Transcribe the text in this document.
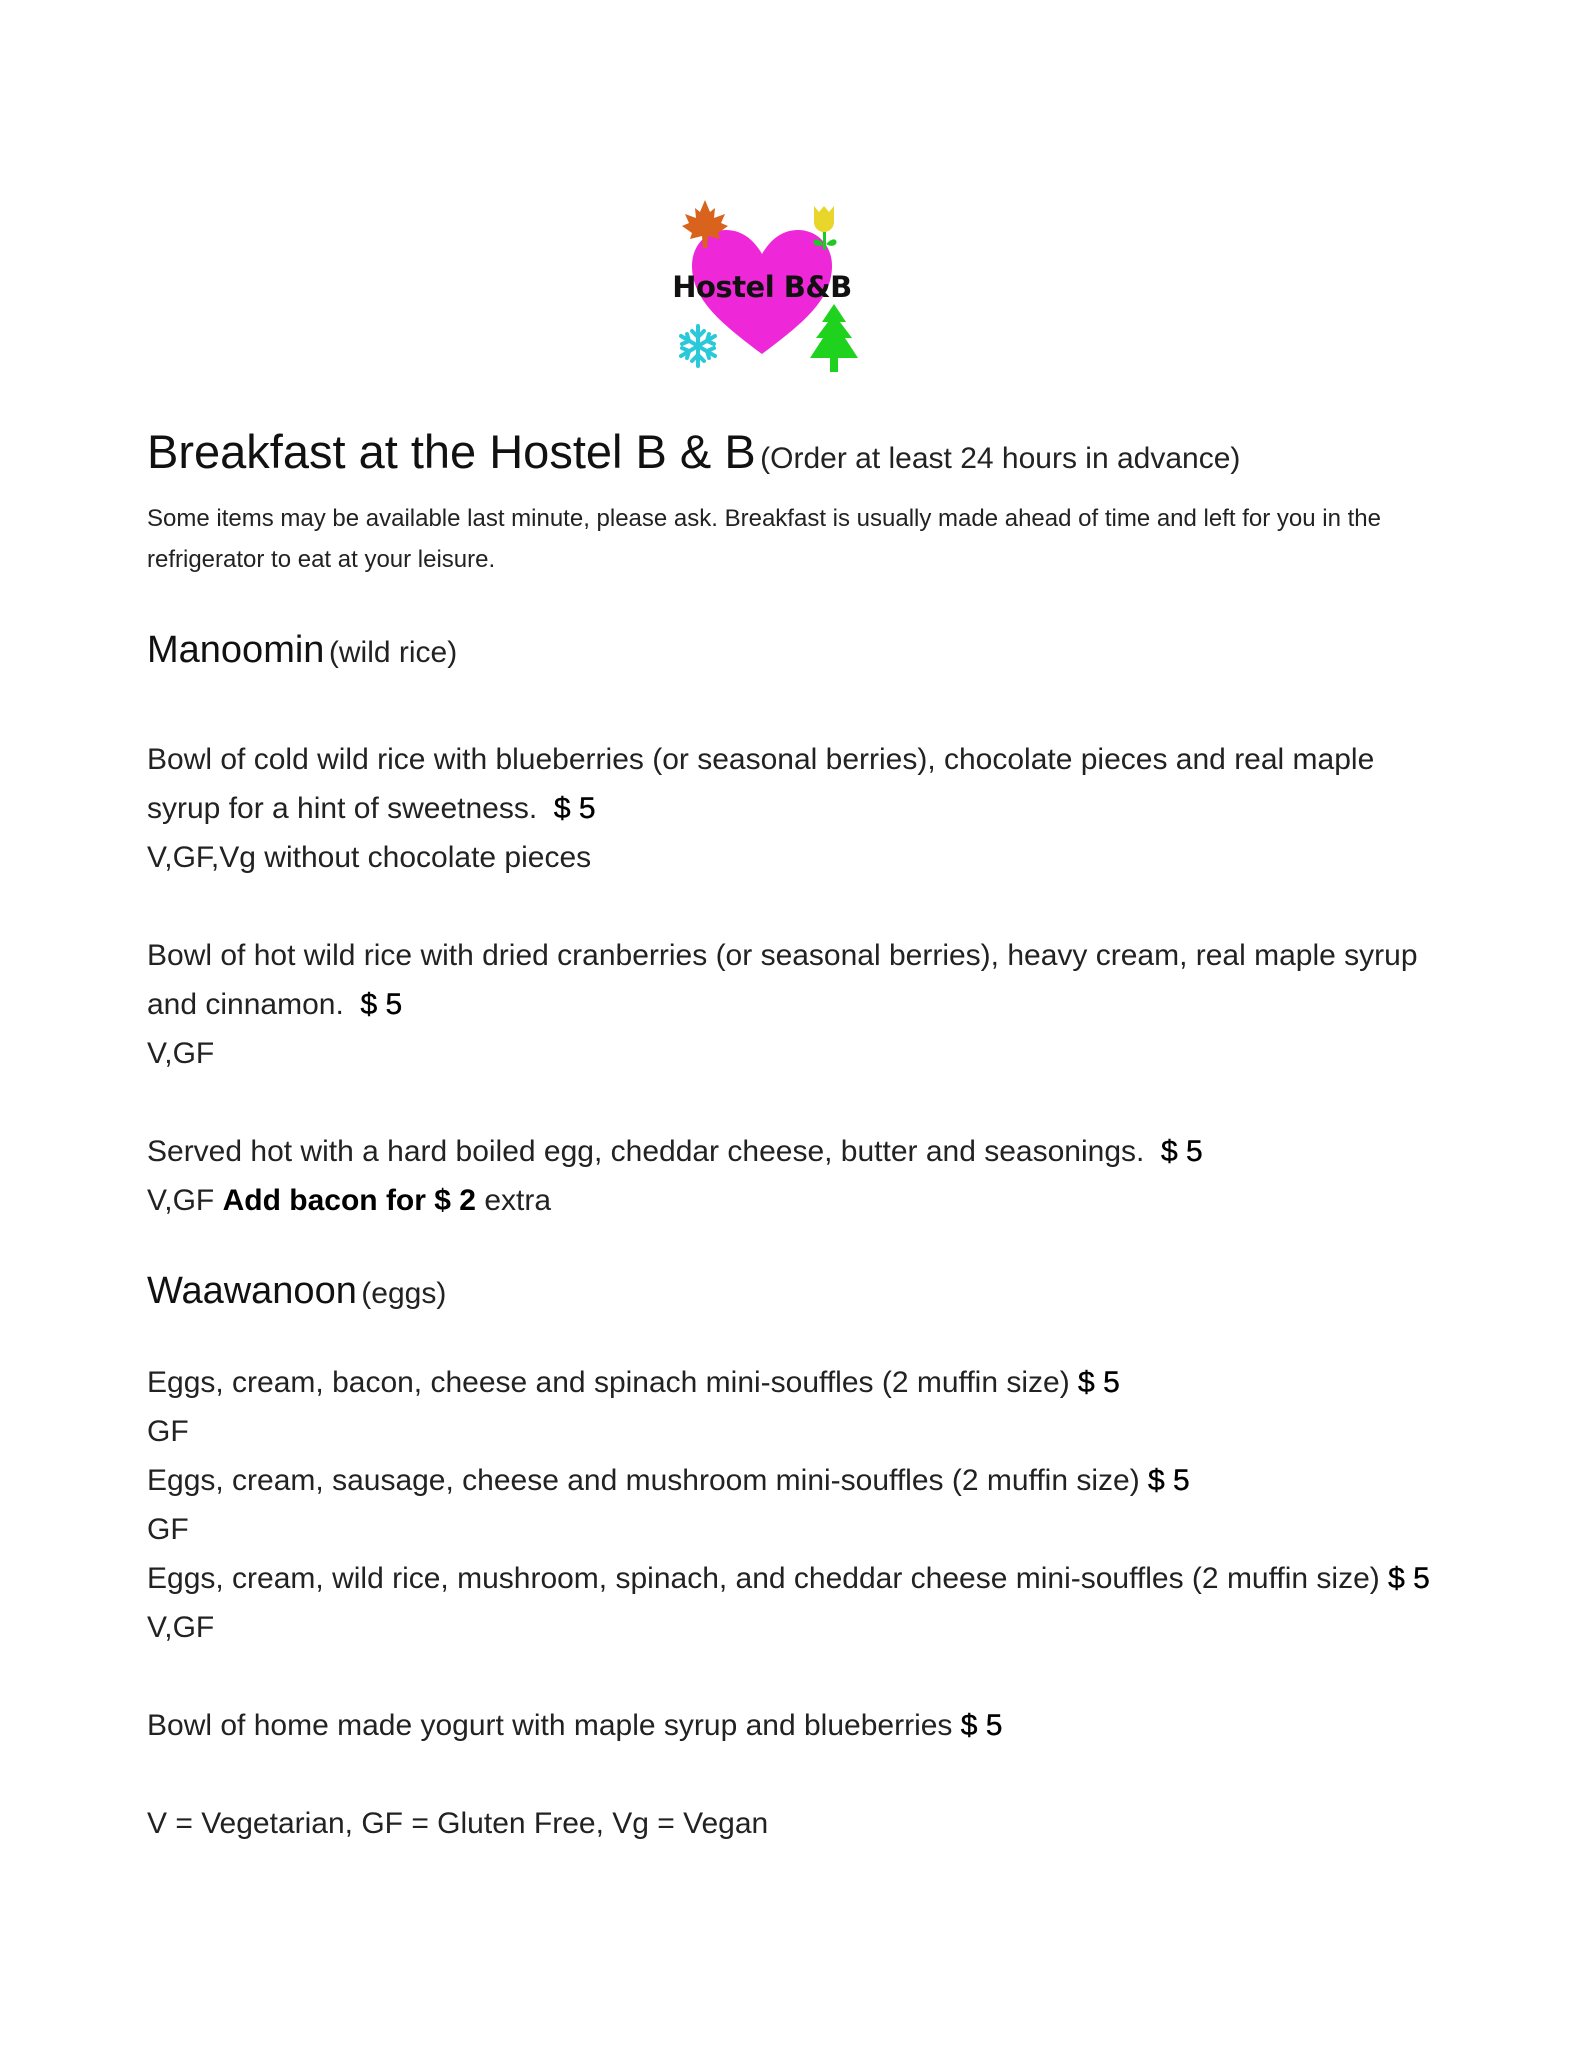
Hostel B&B

Breakfast at the Hostel B & B (Order at least 24 hours in advance)

Some items may be available last minute, please ask. Breakfast is usually made ahead of time and left for you in the refrigerator to eat at your leisure.

Manoomin (wild rice)

Bowl of cold wild rice with blueberries (or seasonal berries), chocolate pieces and real maple syrup for a hint of sweetness. $ 5

V,GF,Vg without chocolate pieces

Bowl of hot wild rice with dried cranberries (or seasonal berries), heavy cream, real maple syrup and cinnamon. $ 5

V,GF

Served hot with a hard boiled egg, cheddar cheese, butter and seasonings. $ 5

V,GF Add bacon for $ 2 extra

Waawanoon (eggs)

Eggs, cream, bacon, cheese and spinach mini-souffles (2 muffin size) $ 5

GF

Eggs, cream, sausage, cheese and mushroom mini-souffles (2 muffin size) $ 5

GF

Eggs, cream, wild rice, mushroom, spinach, and cheddar cheese mini-souffles (2 muffin size) $ 5

V,GF

Bowl of home made yogurt with maple syrup and blueberries $ 5

V = Vegetarian, GF = Gluten Free, Vg = Vegan
